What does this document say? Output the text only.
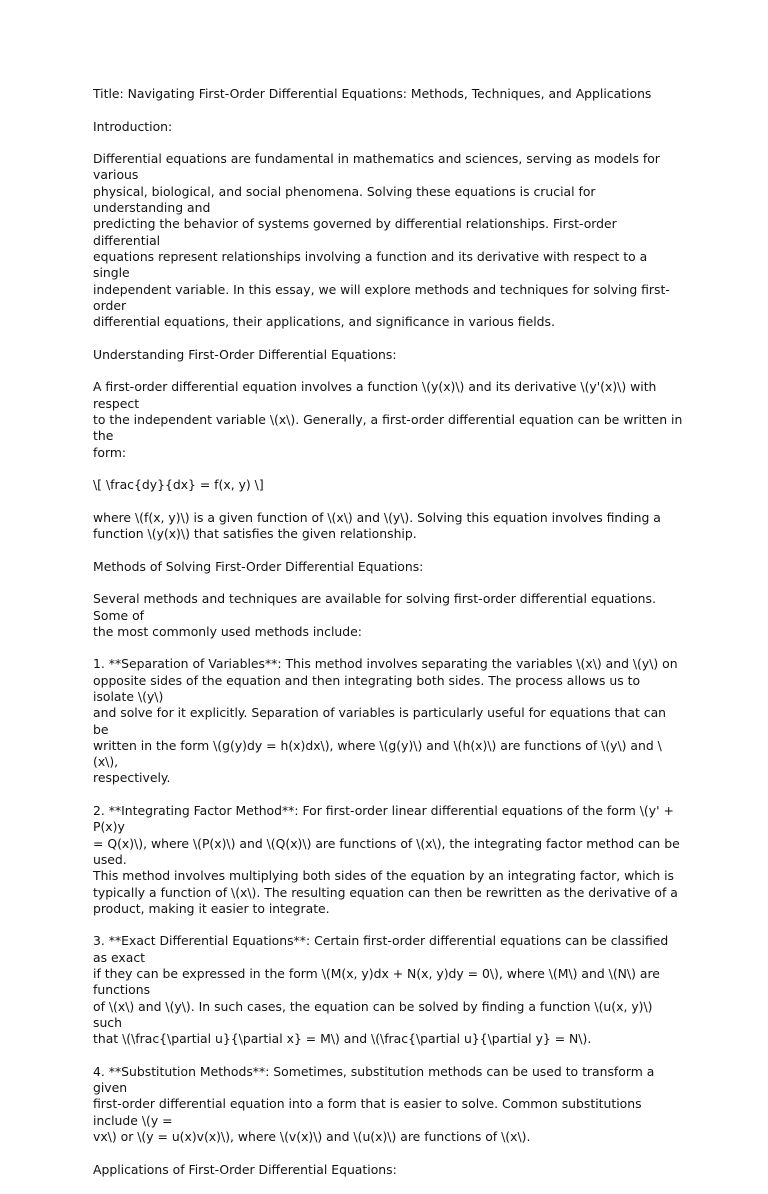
Title: Navigating First-Order Differential Equations: Methods, Techniques, and Applications

Introduction:

Differential equations are fundamental in mathematics and sciences, serving as models for various
physical, biological, and social phenomena. Solving these equations is crucial for understanding and
predicting the behavior of systems governed by differential relationships. First-order differential
equations represent relationships involving a function and its derivative with respect to a single
independent variable. In this essay, we will explore methods and techniques for solving first-order
differential equations, their applications, and significance in various fields.

Understanding First-Order Differential Equations:

A first-order differential equation involves a function \(y(x)\) and its derivative \(y'(x)\) with respect
to the independent variable \(x\). Generally, a first-order differential equation can be written in the
form:

\[ \frac{dy}{dx} = f(x, y) \]

where \(f(x, y)\) is a given function of \(x\) and \(y\). Solving this equation involves finding a
function \(y(x)\) that satisfies the given relationship.

Methods of Solving First-Order Differential Equations:

Several methods and techniques are available for solving first-order differential equations. Some of
the most commonly used methods include:

1. **Separation of Variables**: This method involves separating the variables \(x\) and \(y\) on
opposite sides of the equation and then integrating both sides. The process allows us to isolate \(y\)
and solve for it explicitly. Separation of variables is particularly useful for equations that can be
written in the form \(g(y)dy = h(x)dx\), where \(g(y)\) and \(h(x)\) are functions of \(y\) and \(x\),
respectively.

2. **Integrating Factor Method**: For first-order linear differential equations of the form \(y' + P(x)y
= Q(x)\), where \(P(x)\) and \(Q(x)\) are functions of \(x\), the integrating factor method can be used.
This method involves multiplying both sides of the equation by an integrating factor, which is
typically a function of \(x\). The resulting equation can then be rewritten as the derivative of a
product, making it easier to integrate.

3. **Exact Differential Equations**: Certain first-order differential equations can be classified as exact
if they can be expressed in the form \(M(x, y)dx + N(x, y)dy = 0\), where \(M\) and \(N\) are functions
of \(x\) and \(y\). In such cases, the equation can be solved by finding a function \(u(x, y)\) such
that \(\frac{\partial u}{\partial x} = M\) and \(\frac{\partial u}{\partial y} = N\).

4. **Substitution Methods**: Sometimes, substitution methods can be used to transform a given
first-order differential equation into a form that is easier to solve. Common substitutions include \(y =
vx\) or \(y = u(x)v(x)\), where \(v(x)\) and \(u(x)\) are functions of \(x\).

Applications of First-Order Differential Equations:
